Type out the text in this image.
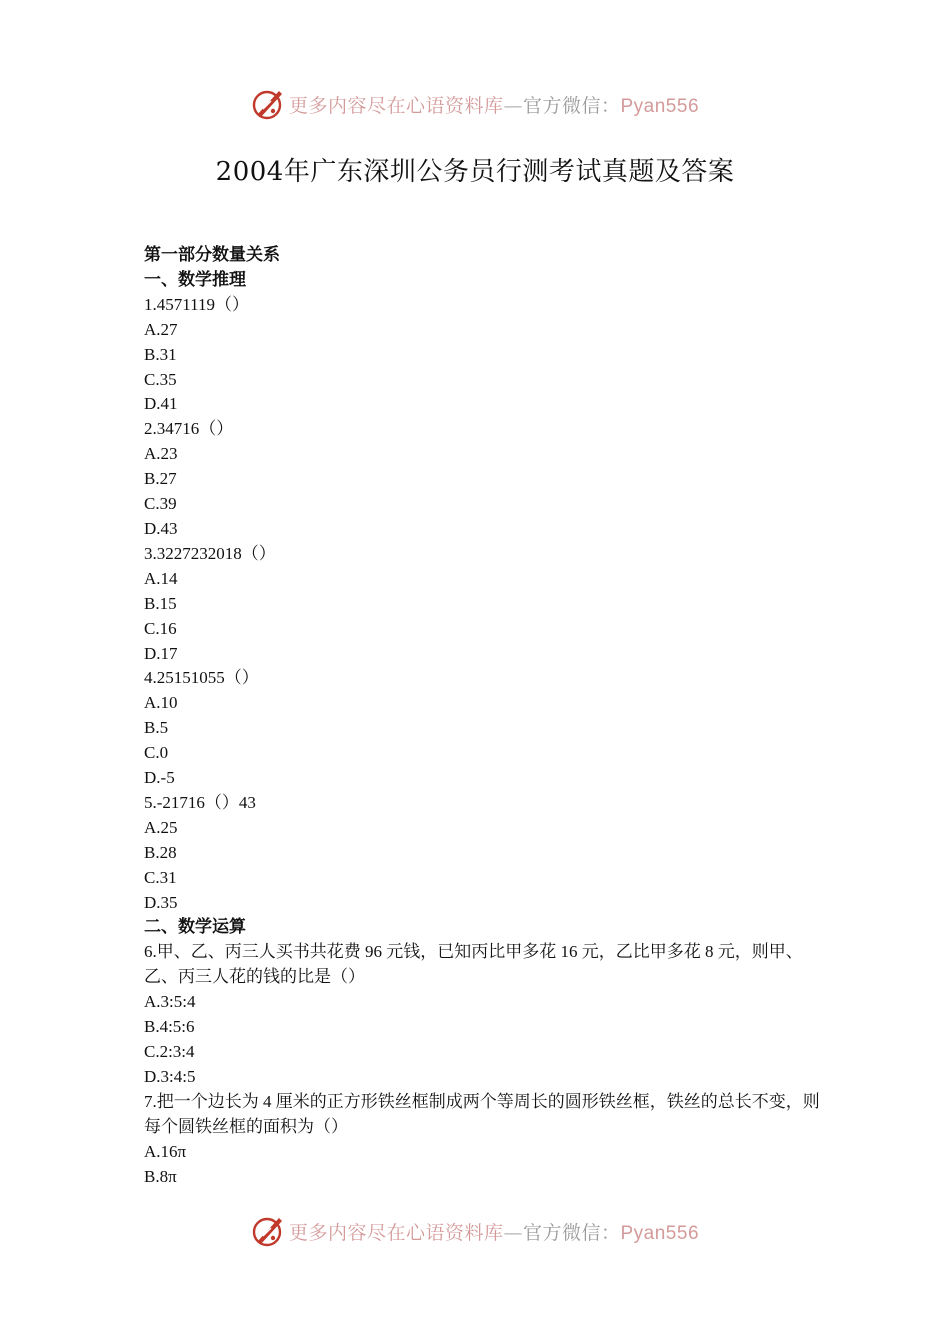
更多内容尽在心语资料库—官方微信：Pyan556
2004年广东深圳公务员行测考试真题及答案
第一部分数量关系
一、数学推理
1.4571119（）
A.27
B.31
C.35
D.41
2.34716（）
A.23
B.27
C.39
D.43
3.3227232018（）
A.14
B.15
C.16
D.17
4.25151055（）
A.10
B.5
C.0
D.-5
5.-21716（）43
A.25
B.28
C.31
D.35
二、数学运算
6.甲、乙、丙三人买书共花费 96 元钱，已知丙比甲多花 16 元，乙比甲多花 8 元，则甲、乙、丙三人花的钱的比是（）
A.3:5:4
B.4:5:6
C.2:3:4
D.3:4:5
7.把一个边长为 4 厘米的正方形铁丝框制成两个等周长的圆形铁丝框，铁丝的总长不变，则每个圆铁丝框的面积为（）
A.16π
B.8π
更多内容尽在心语资料库—官方微信：Pyan556
